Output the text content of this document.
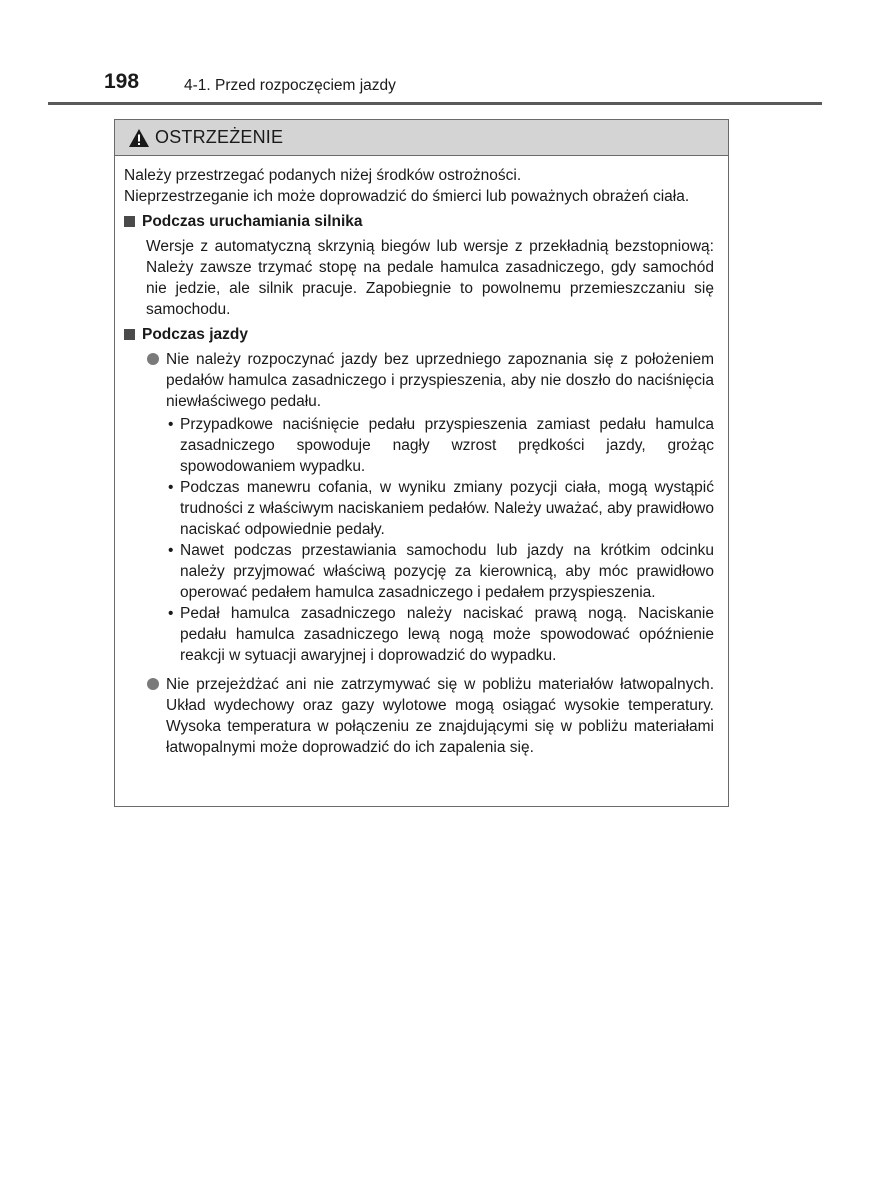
198	4-1. Przed rozpoczęciem jazdy
OSTRZEŻENIE

Należy przestrzegać podanych niżej środków ostrożności.

Nieprzestrzeganie ich może doprowadzić do śmierci lub poważnych obrażeń ciała.

Podczas uruchamiania silnika

Wersje z automatyczną skrzynią biegów lub wersje z przekładnią bezstopniową: Należy zawsze trzymać stopę na pedale hamulca zasadniczego, gdy samochód nie jedzie, ale silnik pracuje. Zapobiegnie to powolnemu przemieszczaniu się samochodu.

Podczas jazdy
Nie należy rozpoczynać jazdy bez uprzedniego zapoznania się z położeniem pedałów hamulca zasadniczego i przyspieszenia, aby nie doszło do naciśnięcia niewłaściwego pedału.
• Przypadkowe naciśnięcie pedału przyspieszenia zamiast pedału hamulca zasadniczego spowoduje nagły wzrost prędkości jazdy, grożąc spowodowaniem wypadku.
• Podczas manewru cofania, w wyniku zmiany pozycji ciała, mogą wystąpić trudności z właściwym naciskaniem pedałów. Należy uważać, aby prawidłowo naciskać odpowiednie pedały.
• Nawet podczas przestawiania samochodu lub jazdy na krótkim odcinku należy przyjmować właściwą pozycję za kierownicą, aby móc prawidłowo operować pedałem hamulca zasadniczego i pedałem przyspieszenia.
• Pedał hamulca zasadniczego należy naciskać prawą nogą. Naciskanie pedału hamulca zasadniczego lewą nogą może spowodować opóźnienie reakcji w sytuacji awaryjnej i doprowadzić do wypadku.
Nie przejeżdżać ani nie zatrzymywać się w pobliżu materiałów łatwopalnych. Układ wydechowy oraz gazy wylotowe mogą osiągać wysokie temperatury. Wysoka temperatura w połączeniu ze znajdującymi się w pobliżu materiałami łatwopalnymi może doprowadzić do ich zapalenia się.
